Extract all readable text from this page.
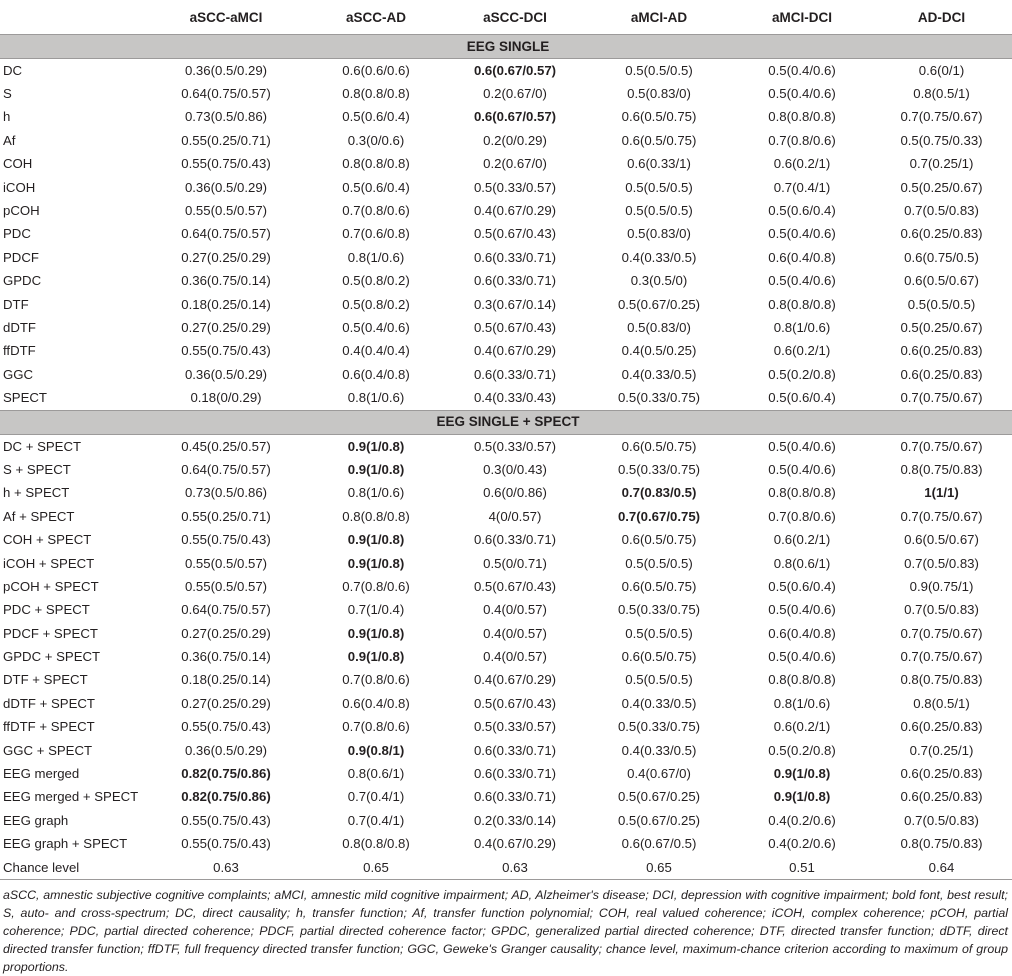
	aSCC-aMCI	aSCC-AD	aSCC-DCI	aMCI-AD	aMCI-DCI	AD-DCI
EEG SINGLE						
DC	0.36(0.5/0.29)	0.6(0.6/0.6)	0.6(0.67/0.57)	0.5(0.5/0.5)	0.5(0.4/0.6)	0.6(0/1)
S	0.64(0.75/0.57)	0.8(0.8/0.8)	0.2(0.67/0)	0.5(0.83/0)	0.5(0.4/0.6)	0.8(0.5/1)
h	0.73(0.5/0.86)	0.5(0.6/0.4)	0.6(0.67/0.57)	0.6(0.5/0.75)	0.8(0.8/0.8)	0.7(0.75/0.67)
Af	0.55(0.25/0.71)	0.3(0/0.6)	0.2(0/0.29)	0.6(0.5/0.75)	0.7(0.8/0.6)	0.5(0.75/0.33)
COH	0.55(0.75/0.43)	0.8(0.8/0.8)	0.2(0.67/0)	0.6(0.33/1)	0.6(0.2/1)	0.7(0.25/1)
iCOH	0.36(0.5/0.29)	0.5(0.6/0.4)	0.5(0.33/0.57)	0.5(0.5/0.5)	0.7(0.4/1)	0.5(0.25/0.67)
pCOH	0.55(0.5/0.57)	0.7(0.8/0.6)	0.4(0.67/0.29)	0.5(0.5/0.5)	0.5(0.6/0.4)	0.7(0.5/0.83)
PDC	0.64(0.75/0.57)	0.7(0.6/0.8)	0.5(0.67/0.43)	0.5(0.83/0)	0.5(0.4/0.6)	0.6(0.25/0.83)
PDCF	0.27(0.25/0.29)	0.8(1/0.6)	0.6(0.33/0.71)	0.4(0.33/0.5)	0.6(0.4/0.8)	0.6(0.75/0.5)
GPDC	0.36(0.75/0.14)	0.5(0.8/0.2)	0.6(0.33/0.71)	0.3(0.5/0)	0.5(0.4/0.6)	0.6(0.5/0.67)
DTF	0.18(0.25/0.14)	0.5(0.8/0.2)	0.3(0.67/0.14)	0.5(0.67/0.25)	0.8(0.8/0.8)	0.5(0.5/0.5)
dDTF	0.27(0.25/0.29)	0.5(0.4/0.6)	0.5(0.67/0.43)	0.5(0.83/0)	0.8(1/0.6)	0.5(0.25/0.67)
ffDTF	0.55(0.75/0.43)	0.4(0.4/0.4)	0.4(0.67/0.29)	0.4(0.5/0.25)	0.6(0.2/1)	0.6(0.25/0.83)
GGC	0.36(0.5/0.29)	0.6(0.4/0.8)	0.6(0.33/0.71)	0.4(0.33/0.5)	0.5(0.2/0.8)	0.6(0.25/0.83)
SPECT	0.18(0/0.29)	0.8(1/0.6)	0.4(0.33/0.43)	0.5(0.33/0.75)	0.5(0.6/0.4)	0.7(0.75/0.67)
EEG SINGLE + SPECT						
DC + SPECT	0.45(0.25/0.57)	0.9(1/0.8)	0.5(0.33/0.57)	0.6(0.5/0.75)	0.5(0.4/0.6)	0.7(0.75/0.67)
S + SPECT	0.64(0.75/0.57)	0.9(1/0.8)	0.3(0/0.43)	0.5(0.33/0.75)	0.5(0.4/0.6)	0.8(0.75/0.83)
h + SPECT	0.73(0.5/0.86)	0.8(1/0.6)	0.6(0/0.86)	0.7(0.83/0.5)	0.8(0.8/0.8)	1(1/1)
Af + SPECT	0.55(0.25/0.71)	0.8(0.8/0.8)	4(0/0.57)	0.7(0.67/0.75)	0.7(0.8/0.6)	0.7(0.75/0.67)
COH + SPECT	0.55(0.75/0.43)	0.9(1/0.8)	0.6(0.33/0.71)	0.6(0.5/0.75)	0.6(0.2/1)	0.6(0.5/0.67)
iCOH + SPECT	0.55(0.5/0.57)	0.9(1/0.8)	0.5(0/0.71)	0.5(0.5/0.5)	0.8(0.6/1)	0.7(0.5/0.83)
pCOH + SPECT	0.55(0.5/0.57)	0.7(0.8/0.6)	0.5(0.67/0.43)	0.6(0.5/0.75)	0.5(0.6/0.4)	0.9(0.75/1)
PDC + SPECT	0.64(0.75/0.57)	0.7(1/0.4)	0.4(0/0.57)	0.5(0.33/0.75)	0.5(0.4/0.6)	0.7(0.5/0.83)
PDCF + SPECT	0.27(0.25/0.29)	0.9(1/0.8)	0.4(0/0.57)	0.5(0.5/0.5)	0.6(0.4/0.8)	0.7(0.75/0.67)
GPDC + SPECT	0.36(0.75/0.14)	0.9(1/0.8)	0.4(0/0.57)	0.6(0.5/0.75)	0.5(0.4/0.6)	0.7(0.75/0.67)
DTF + SPECT	0.18(0.25/0.14)	0.7(0.8/0.6)	0.4(0.67/0.29)	0.5(0.5/0.5)	0.8(0.8/0.8)	0.8(0.75/0.83)
dDTF + SPECT	0.27(0.25/0.29)	0.6(0.4/0.8)	0.5(0.67/0.43)	0.4(0.33/0.5)	0.8(1/0.6)	0.8(0.5/1)
ffDTF + SPECT	0.55(0.75/0.43)	0.7(0.8/0.6)	0.5(0.33/0.57)	0.5(0.33/0.75)	0.6(0.2/1)	0.6(0.25/0.83)
GGC + SPECT	0.36(0.5/0.29)	0.9(0.8/1)	0.6(0.33/0.71)	0.4(0.33/0.5)	0.5(0.2/0.8)	0.7(0.25/1)
EEG merged	0.82(0.75/0.86)	0.8(0.6/1)	0.6(0.33/0.71)	0.4(0.67/0)	0.9(1/0.8)	0.6(0.25/0.83)
EEG merged + SPECT	0.82(0.75/0.86)	0.7(0.4/1)	0.6(0.33/0.71)	0.5(0.67/0.25)	0.9(1/0.8)	0.6(0.25/0.83)
EEG graph	0.55(0.75/0.43)	0.7(0.4/1)	0.2(0.33/0.14)	0.5(0.67/0.25)	0.4(0.2/0.6)	0.7(0.5/0.83)
EEG graph + SPECT	0.55(0.75/0.43)	0.8(0.8/0.8)	0.4(0.67/0.29)	0.6(0.67/0.5)	0.4(0.2/0.6)	0.8(0.75/0.83)
Chance level	0.63	0.65	0.63	0.65	0.51	0.64

aSCC, amnestic subjective cognitive complaints; aMCI, amnestic mild cognitive impairment; AD, Alzheimer's disease; DCI, depression with cognitive impairment; bold font, best result; S, auto- and cross-spectrum; DC, direct causality; h, transfer function; Af, transfer function polynomial; COH, real valued coherence; iCOH, complex coherence; pCOH, partial coherence; PDC, partial directed coherence; PDCF, partial directed coherence factor; GPDC, generalized partial directed coherence; DTF, directed transfer function; dDTF, direct directed transfer function; ffDTF, full frequency directed transfer function; GGC, Geweke's Granger causality; chance level, maximum-chance criterion according to maximum of group proportions.
